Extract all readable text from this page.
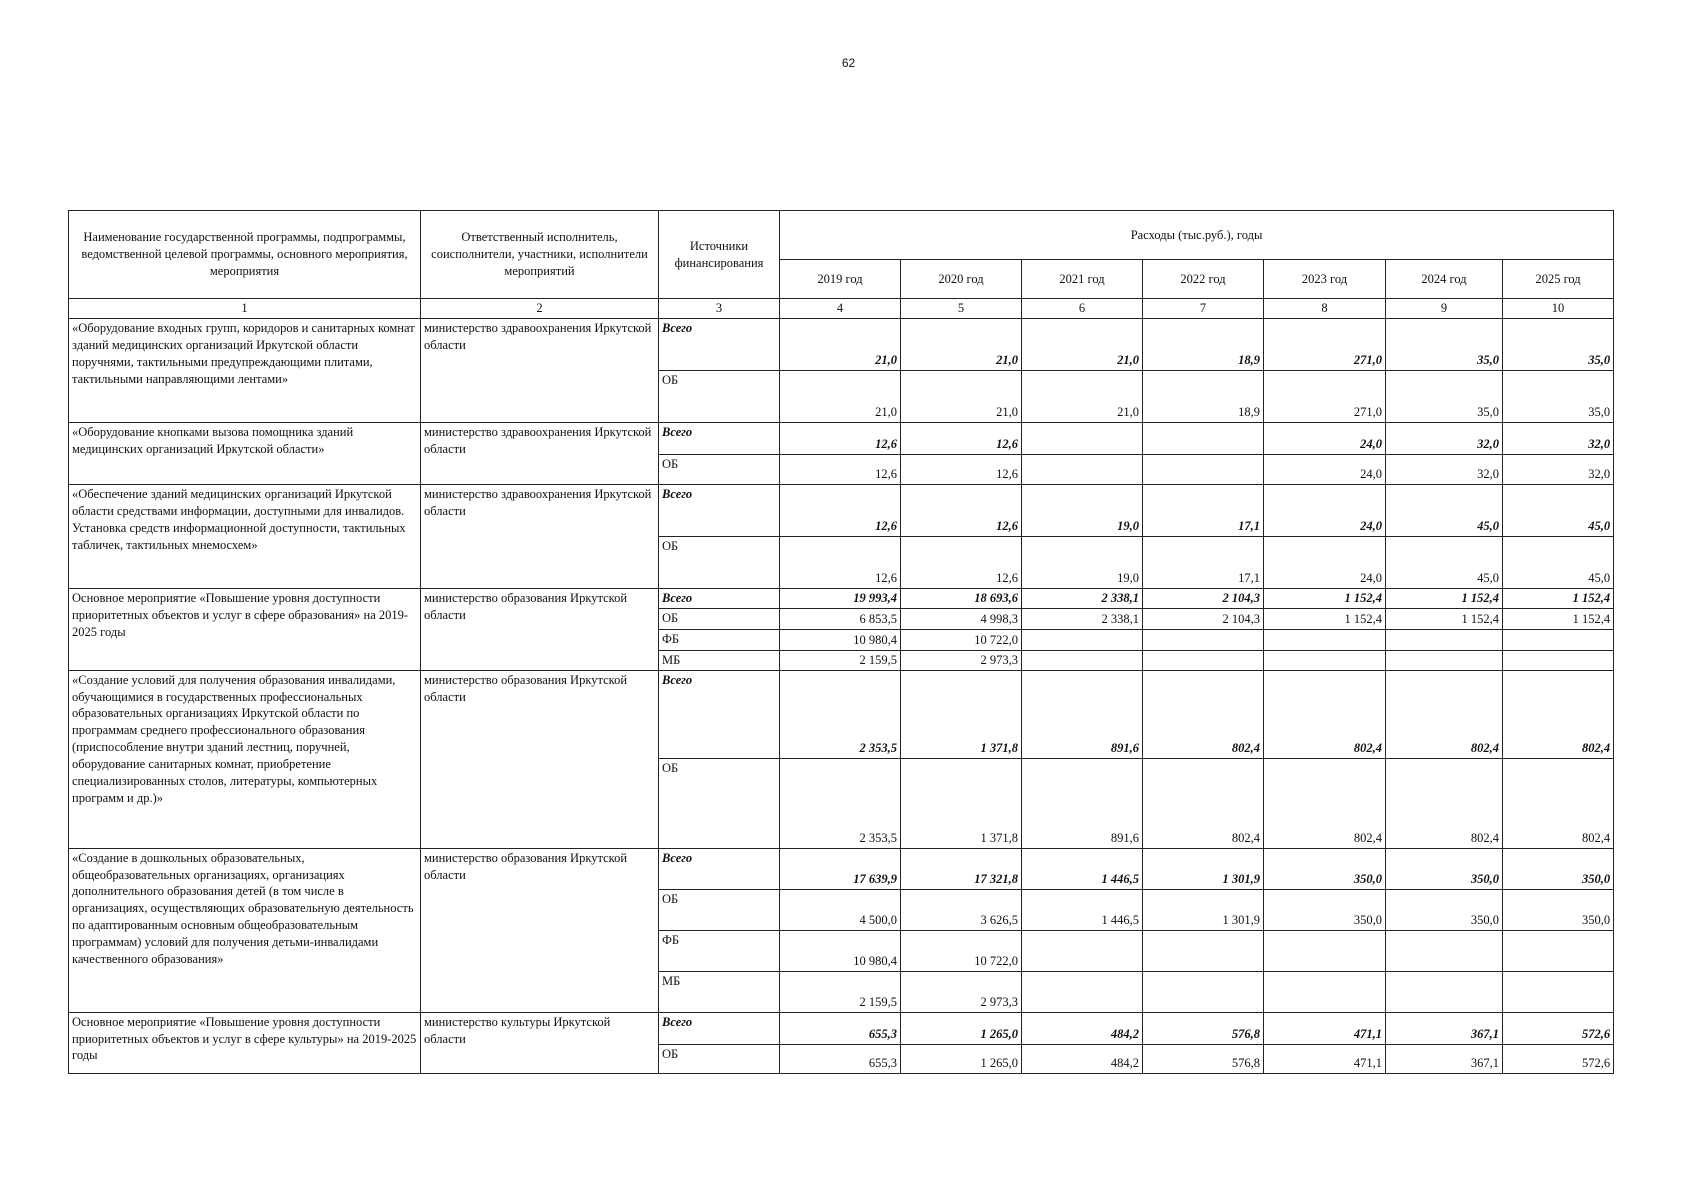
62
Наименование государственной программы, подпрограммы, ведомственной целевой программы, основного мероприятия, мероприятия	Ответственный исполнитель, соисполнители, участники, исполнители мероприятий	Источники финансирования	Расходы (тыс.руб.), годы						
			2019 год	2020 год	2021 год	2022 год	2023 год	2024 год	2025 год
1	2	3	4	5	6	7	8	9	10
«Оборудование входных групп, коридоров и санитарных комнат зданий медицинских организаций Иркутской области поручнями, тактильными предупреждающими плитами, тактильными направляющими лентами»	министерство здравоохранения Иркутской области	Всего	21,0	21,0	21,0	18,9	271,0	35,0	35,0
		ОБ	21,0	21,0	21,0	18,9	271,0	35,0	35,0
«Оборудование кнопками вызова помощника зданий медицинских организаций Иркутской области»	министерство здравоохранения Иркутской области	Всего	12,6	12,6			24,0	32,0	32,0
		ОБ	12,6	12,6			24,0	32,0	32,0
«Обеспечение зданий медицинских организаций Иркутской области средствами информации, доступными для инвалидов. Установка средств информационной доступности, тактильных табличек, тактильных мнемосхем»	министерство здравоохранения Иркутской области	Всего	12,6	12,6	19,0	17,1	24,0	45,0	45,0
		ОБ	12,6	12,6	19,0	17,1	24,0	45,0	45,0
Основное мероприятие «Повышение уровня доступности приоритетных объектов и услуг в сфере образования» на 2019-2025 годы	министерство образования Иркутской области	Всего	19 993,4	18 693,6	2 338,1	2 104,3	1 152,4	1 152,4	1 152,4
		ОБ	6 853,5	4 998,3	2 338,1	2 104,3	1 152,4	1 152,4	1 152,4
		ФБ	10 980,4	10 722,0					
		МБ	2 159,5	2 973,3					
«Создание условий для получения образования инвалидами, обучающимися в государственных профессиональных образовательных организациях Иркутской области по программам среднего профессионального образования (приспособление внутри зданий лестниц, поручней, оборудование санитарных комнат, приобретение специализированных столов, литературы, компьютерных программ и др.)»	министерство образования Иркутской области	Всего	2 353,5	1 371,8	891,6	802,4	802,4	802,4	802,4
		ОБ	2 353,5	1 371,8	891,6	802,4	802,4	802,4	802,4
«Создание в дошкольных образовательных, общеобразовательных организациях, организациях дополнительного образования детей (в том числе в организациях, осуществляющих образовательную деятельность по адаптированным основным общеобразовательным программам) условий для получения детьми-инвалидами качественного образования»	министерство образования Иркутской области	Всего	17 639,9	17 321,8	1 446,5	1 301,9	350,0	350,0	350,0
		ОБ	4 500,0	3 626,5	1 446,5	1 301,9	350,0	350,0	350,0
		ФБ	10 980,4	10 722,0					
		МБ	2 159,5	2 973,3					
Основное мероприятие «Повышение уровня доступности приоритетных объектов и услуг в сфере культуры» на 2019-2025 годы	министерство культуры Иркутской области	Всего	655,3	1 265,0	484,2	576,8	471,1	367,1	572,6
		ОБ	655,3	1 265,0	484,2	576,8	471,1	367,1	572,6
